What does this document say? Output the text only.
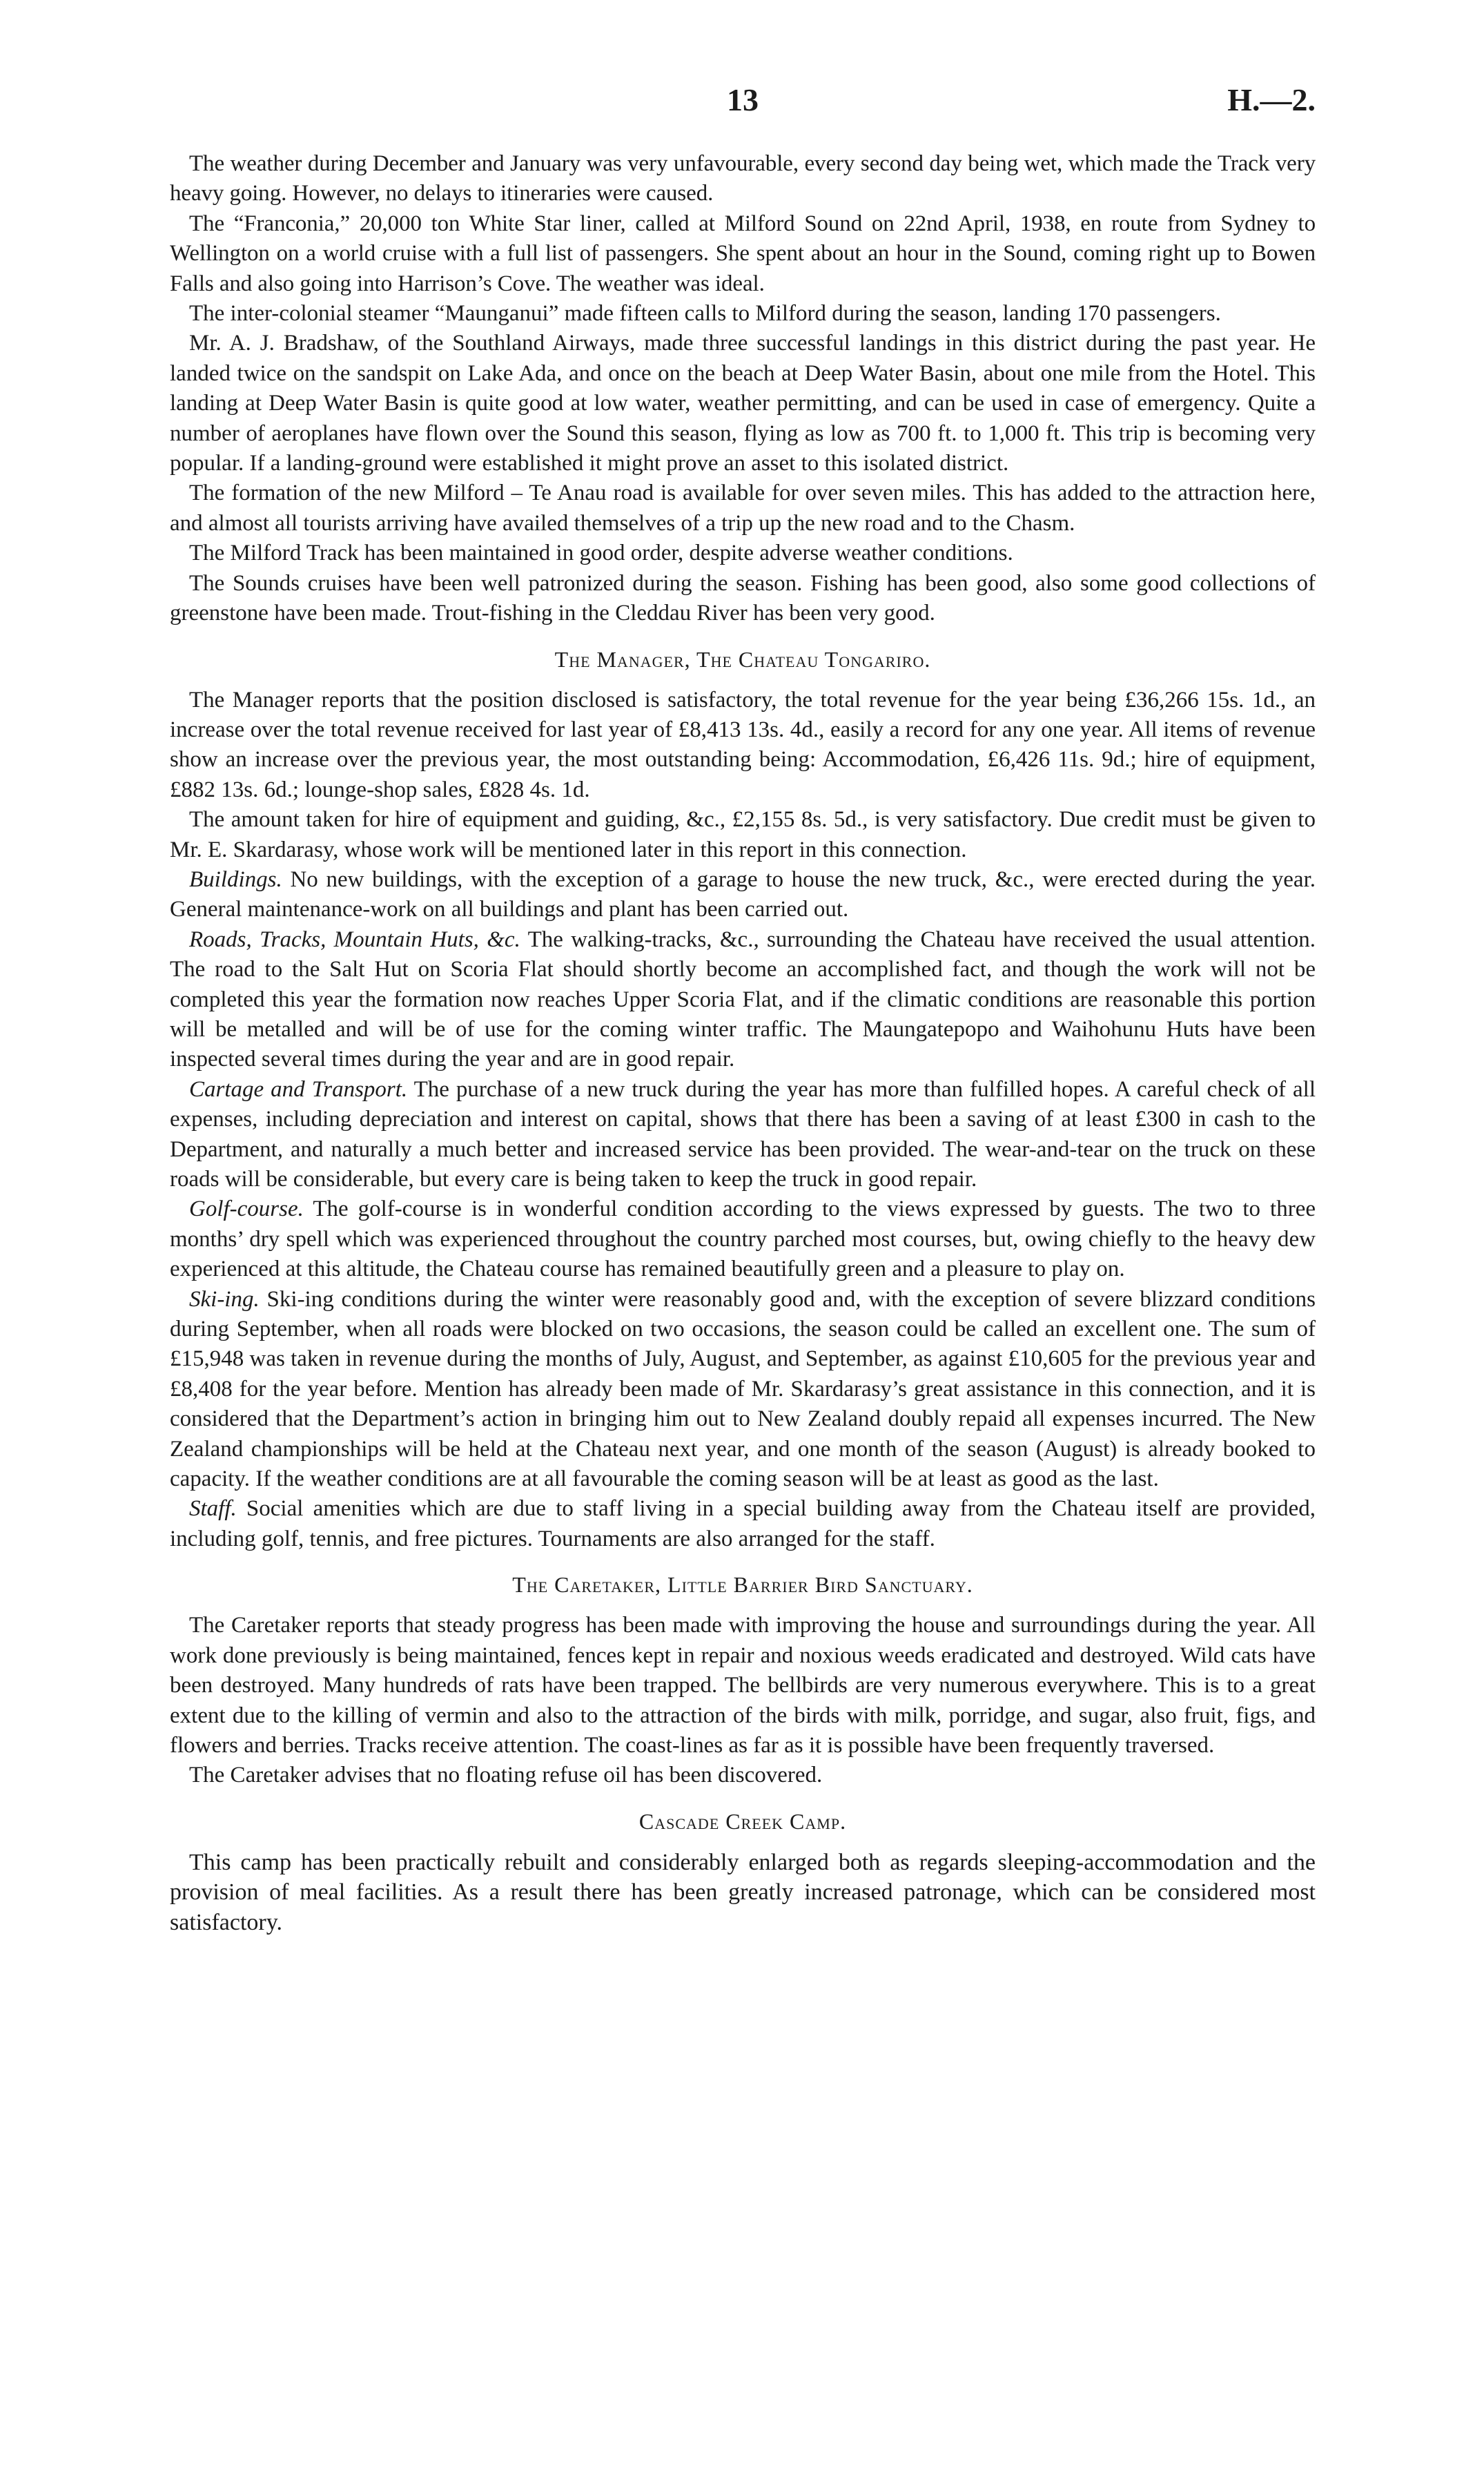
13	H.—2.

The weather during December and January was very unfavourable, every second day being wet, which made the Track very heavy going. However, no delays to itineraries were caused.

The “Franconia,” 20,000 ton White Star liner, called at Milford Sound on 22nd April, 1938, en route from Sydney to Wellington on a world cruise with a full list of passengers. She spent about an hour in the Sound, coming right up to Bowen Falls and also going into Harrison’s Cove. The weather was ideal.

The inter-colonial steamer “Maunganui” made fifteen calls to Milford during the season, landing 170 passengers.

Mr. A. J. Bradshaw, of the Southland Airways, made three successful landings in this district during the past year. He landed twice on the sandspit on Lake Ada, and once on the beach at Deep Water Basin, about one mile from the Hotel. This landing at Deep Water Basin is quite good at low water, weather permitting, and can be used in case of emergency. Quite a number of aeroplanes have flown over the Sound this season, flying as low as 700 ft. to 1,000 ft. This trip is becoming very popular. If a landing-ground were established it might prove an asset to this isolated district.

The formation of the new Milford – Te Anau road is available for over seven miles. This has added to the attraction here, and almost all tourists arriving have availed themselves of a trip up the new road and to the Chasm.

The Milford Track has been maintained in good order, despite adverse weather conditions.

The Sounds cruises have been well patronized during the season. Fishing has been good, also some good collections of greenstone have been made. Trout-fishing in the Cleddau River has been very good.

The Manager, The Chateau Tongariro.

The Manager reports that the position disclosed is satisfactory, the total revenue for the year being £36,266 15s. 1d., an increase over the total revenue received for last year of £8,413 13s. 4d., easily a record for any one year. All items of revenue show an increase over the previous year, the most outstanding being: Accommodation, £6,426 11s. 9d.; hire of equipment, £882 13s. 6d.; lounge-shop sales, £828 4s. 1d.

The amount taken for hire of equipment and guiding, &c., £2,155 8s. 5d., is very satisfactory. Due credit must be given to Mr. E. Skardarasy, whose work will be mentioned later in this report in this connection.

Buildings. No new buildings, with the exception of a garage to house the new truck, &c., were erected during the year. General maintenance-work on all buildings and plant has been carried out.

Roads, Tracks, Mountain Huts, &c. The walking-tracks, &c., surrounding the Chateau have received the usual attention. The road to the Salt Hut on Scoria Flat should shortly become an accomplished fact, and though the work will not be completed this year the formation now reaches Upper Scoria Flat, and if the climatic conditions are reasonable this portion will be metalled and will be of use for the coming winter traffic. The Maungatepopo and Waihohunu Huts have been inspected several times during the year and are in good repair.

Cartage and Transport. The purchase of a new truck during the year has more than fulfilled hopes. A careful check of all expenses, including depreciation and interest on capital, shows that there has been a saving of at least £300 in cash to the Department, and naturally a much better and increased service has been provided. The wear-and-tear on the truck on these roads will be considerable, but every care is being taken to keep the truck in good repair.

Golf-course. The golf-course is in wonderful condition according to the views expressed by guests. The two to three months’ dry spell which was experienced throughout the country parched most courses, but, owing chiefly to the heavy dew experienced at this altitude, the Chateau course has remained beautifully green and a pleasure to play on.

Ski-ing. Ski-ing conditions during the winter were reasonably good and, with the exception of severe blizzard conditions during September, when all roads were blocked on two occasions, the season could be called an excellent one. The sum of £15,948 was taken in revenue during the months of July, August, and September, as against £10,605 for the previous year and £8,408 for the year before. Mention has already been made of Mr. Skardarasy’s great assistance in this connection, and it is considered that the Department’s action in bringing him out to New Zealand doubly repaid all expenses incurred. The New Zealand championships will be held at the Chateau next year, and one month of the season (August) is already booked to capacity. If the weather conditions are at all favourable the coming season will be at least as good as the last.

Staff. Social amenities which are due to staff living in a special building away from the Chateau itself are provided, including golf, tennis, and free pictures. Tournaments are also arranged for the staff.

The Caretaker, Little Barrier Bird Sanctuary.

The Caretaker reports that steady progress has been made with improving the house and surroundings during the year. All work done previously is being maintained, fences kept in repair and noxious weeds eradicated and destroyed. Wild cats have been destroyed. Many hundreds of rats have been trapped. The bellbirds are very numerous everywhere. This is to a great extent due to the killing of vermin and also to the attraction of the birds with milk, porridge, and sugar, also fruit, figs, and flowers and berries. Tracks receive attention. The coast-lines as far as it is possible have been frequently traversed.

The Caretaker advises that no floating refuse oil has been discovered.

Cascade Creek Camp.

This camp has been practically rebuilt and considerably enlarged both as regards sleeping-accommodation and the provision of meal facilities. As a result there has been greatly increased patronage, which can be considered most satisfactory.
